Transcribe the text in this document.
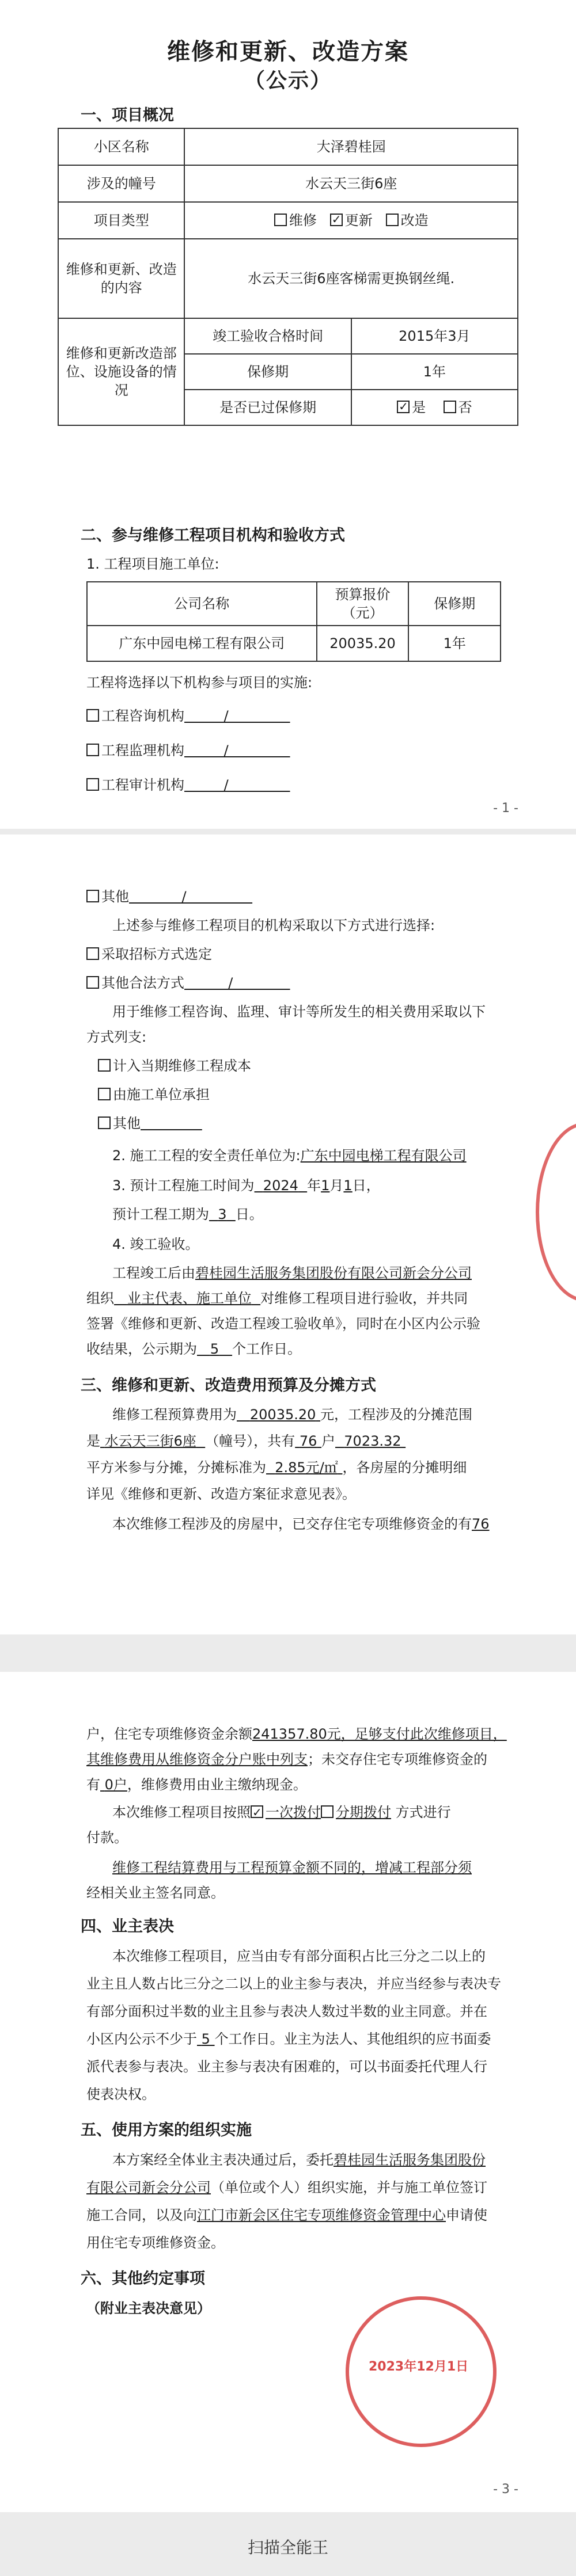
维修和更新、改造方案
（公示）
一、项目概况
小区名称	大泽碧桂园	
涉及的幢号	水云天三街6座	
项目类型	维修 ✓ 更新 改造
维修和更新、改造的内容	水云天三街6座客梯需更换钢丝绳.	
维修和更新改造部位、设施设备的情况	竣工验收合格时间	2015年3月
	保修期	1年
	是否已过保修期	✓是 否
二、参与维修工程项目机构和验收方式
1. 工程项目施工单位:
公司名称	预算报价（元）	保修期
广东中园电梯工程有限公司	20035.20	1年
工程将选择以下机构参与项目的实施:
工程咨询机构         /
工程监理机构         /
工程审计机构         /
- 1 -
其他            /
上述参与维修工程项目的机构采取以下方式进行选择:
采取招标方式选定
其他合法方式          /
用于维修工程咨询、监理、审计等所发生的相关费用采取以下
方式列支:
计入当期维修工程成本
由施工单位承担
其他
2. 施工工程的安全责任单位为:广东中园电梯工程有限公司
3. 预计工程施工时间为 2024 年1月1日，
预计工程工期为 3 日。
4. 竣工验收。
工程竣工后由碧桂园生活服务集团股份有限公司新会分公司
组织 业主代表、施工单位 对维修工程项目进行验收，并共同
签署《维修和更新、改造工程竣工验收单》，同时在小区内公示验
收结果，公示期为 5 个工作日。
三、维修和更新、改造费用预算及分摊方式
维修工程预算费用为 20035.20 元，工程涉及的分摊范围
是 水云天三街6座 （幢号），共有 76 户 7023.32
平方米参与分摊，分摊标准为 2.85元/㎡ ，各房屋的分摊明细
详见《维修和更新、改造方案征求意见表》。
本次维修工程涉及的房屋中，已交存住宅专项维修资金的有76
户，住宅专项维修资金余额241357.80元，足够支付此次维修项目，
其维修费用从维修资金分户账中列支；未交存住宅专项维修资金的
有 0户，维修费用由业主缴纳现金。
本次维修工程项目按照 ✓ 一次拨付 分期拨付 方式进行
付款。
维修工程结算费用与工程预算金额不同的，增减工程部分须
经相关业主签名同意。
四、业主表决
本次维修工程项目，应当由专有部分面积占比三分之二以上的
业主且人数占比三分之二以上的业主参与表决，并应当经参与表决专
有部分面积过半数的业主且参与表决人数过半数的业主同意。并在
小区内公示不少于 5 个工作日。业主为法人、其他组织的应书面委
派代表参与表决。业主参与表决有困难的，可以书面委托代理人行
使表决权。
五、使用方案的组织实施
本方案经全体业主表决通过后，委托碧桂园生活服务集团股份
有限公司新会分公司（单位或个人）组织实施，并与施工单位签订
施工合同，以及向江门市新会区住宅专项维修资金管理中心申请使
用住宅专项维修资金。
六、其他约定事项
（附业主表决意见）
2023年12月1日
- 3 -
扫描全能王
